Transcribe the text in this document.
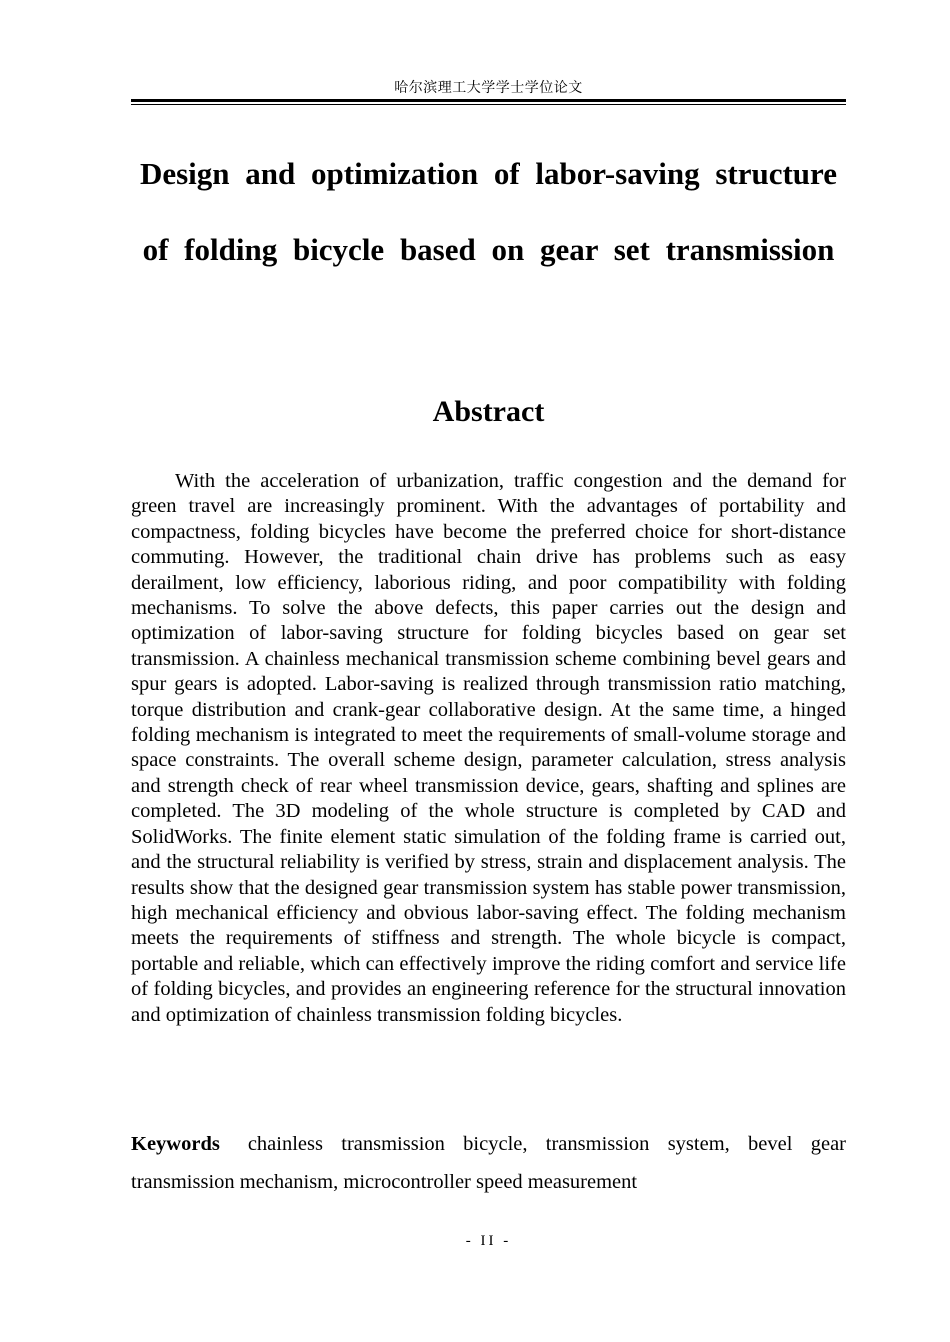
哈尔滨理工大学学士学位论文
Design and optimization of labor-saving structure of folding bicycle based on gear set transmission
Abstract

With the acceleration of urbanization, traffic congestion and the demand for green travel are increasingly prominent. With the advantages of portability and compactness, folding bicycles have become the preferred choice for short-distance commuting. However, the traditional chain drive has problems such as easy derailment, low efficiency, laborious riding, and poor compatibility with folding mechanisms. To solve the above defects, this paper carries out the design and optimization of labor-saving structure for folding bicycles based on gear set transmission. A chainless mechanical transmission scheme combining bevel gears and spur gears is adopted. Labor-saving is realized through transmission ratio matching, torque distribution and crank-gear collaborative design. At the same time, a hinged folding mechanism is integrated to meet the requirements of small-volume storage and space constraints. The overall scheme design, parameter calculation, stress analysis and strength check of rear wheel transmission device, gears, shafting and splines are completed. The 3D modeling of the whole structure is completed by CAD and SolidWorks. The finite element static simulation of the folding frame is carried out, and the structural reliability is verified by stress, strain and displacement analysis. The results show that the designed gear transmission system has stable power transmission, high mechanical efficiency and obvious labor-saving effect. The folding mechanism meets the requirements of stiffness and strength. The whole bicycle is compact, portable and reliable, which can effectively improve the riding comfort and service life of folding bicycles, and provides an engineering reference for the structural innovation and optimization of chainless transmission folding bicycles.

Keywords chainless transmission bicycle, transmission system, bevel gear transmission mechanism, microcontroller speed measurement

- II -
